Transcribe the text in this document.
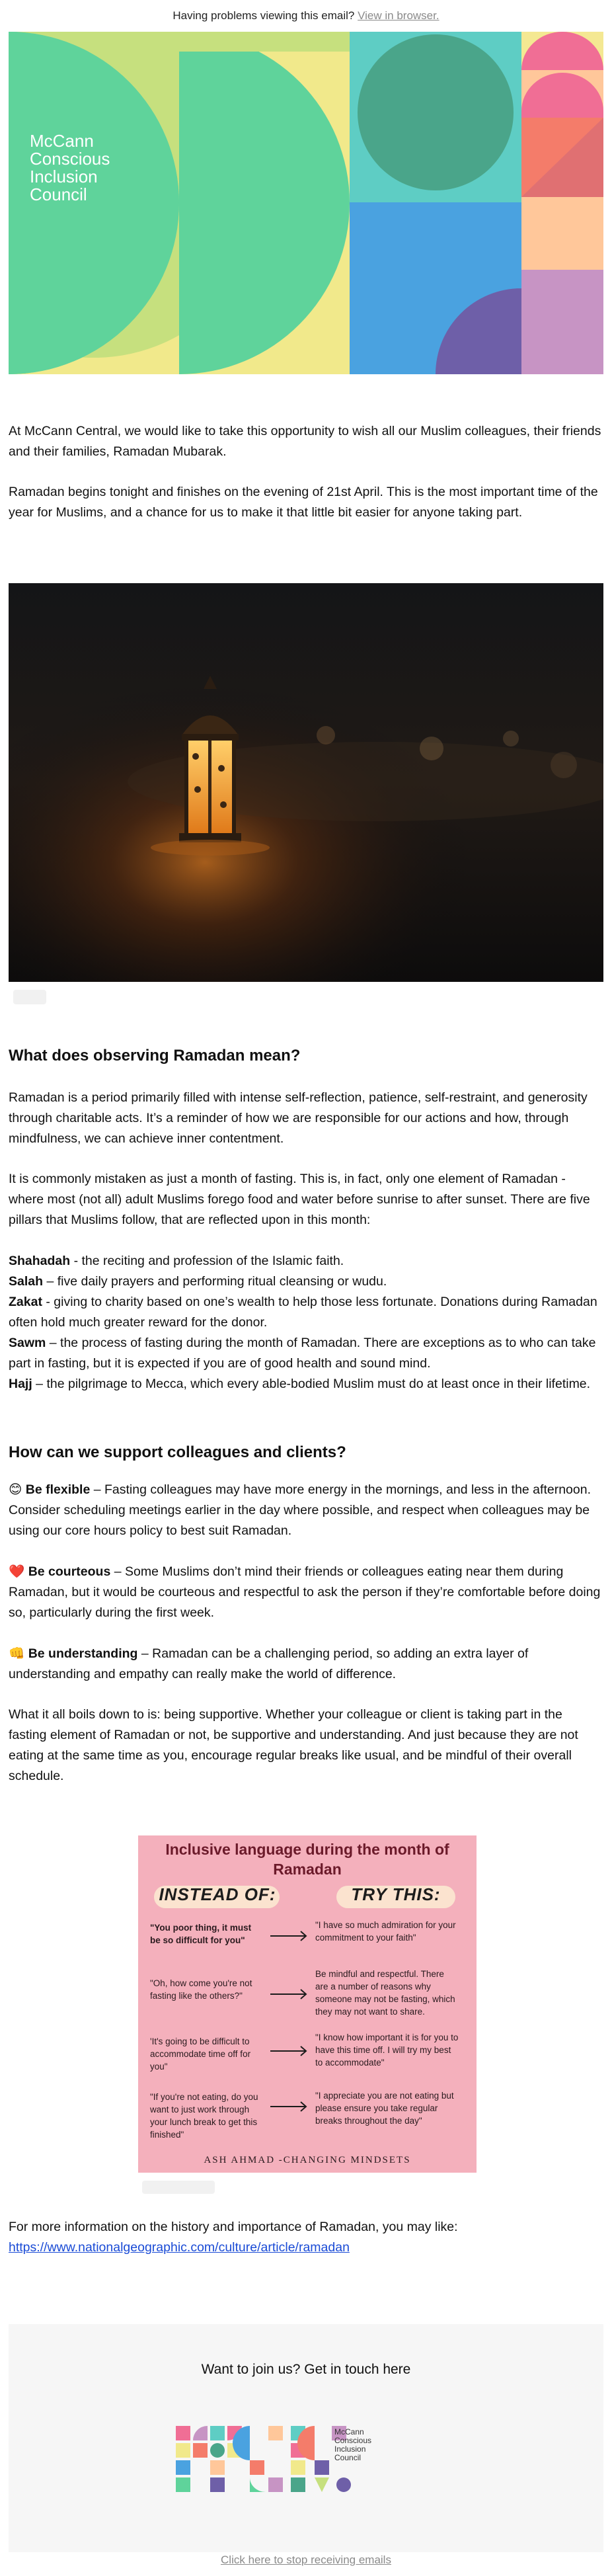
Having problems viewing this email? View in browser.
McCann
Conscious
Inclusion
Council

At McCann Central, we would like to take this opportunity to wish all our Muslim colleagues, their friends and their families, Ramadan Mubarak.

Ramadan begins tonight and finishes on the evening of 21st April. This is the most important time of the year for Muslims, and a chance for us to make it that little bit easier for anyone taking part.

What does observing Ramadan mean?

Ramadan is a period primarily filled with intense self-reflection, patience, self-restraint, and generosity through charitable acts. It’s a reminder of how we are responsible for our actions and how, through mindfulness, we can achieve inner contentment.

It is commonly mistaken as just a month of fasting. This is, in fact, only one element of Ramadan - where most (not all) adult Muslims forego food and water before sunrise to after sunset. There are five pillars that Muslims follow, that are reflected upon in this month:

Shahadah - the reciting and profession of the Islamic faith.
Salah – five daily prayers and performing ritual cleansing or wudu.
Zakat - giving to charity based on one’s wealth to help those less fortunate. Donations during Ramadan often hold much greater reward for the donor.
Sawm – the process of fasting during the month of Ramadan. There are exceptions as to who can take part in fasting, but it is expected if you are of good health and sound mind.
Hajj – the pilgrimage to Mecca, which every able-bodied Muslim must do at least once in their lifetime.
How can we support colleagues and clients?
😊 Be flexible – Fasting colleagues may have more energy in the mornings, and less in the afternoon. Consider scheduling meetings earlier in the day where possible, and respect when colleagues may be using our core hours policy to best suit Ramadan.
❤️ Be courteous – Some Muslims don’t mind their friends or colleagues eating near them during Ramadan, but it would be courteous and respectful to ask the person if they’re comfortable before doing so, particularly during the first week.
👊 Be understanding – Ramadan can be a challenging period, so adding an extra layer of understanding and empathy can really make the world of difference.

What it all boils down to is: being supportive. Whether your colleague or client is taking part in the fasting element of Ramadan or not, be supportive and understanding. And just because they are not eating at the same time as you, encourage regular breaks like usual, and be mindful of their overall schedule.

Inclusive language during the month of Ramadan
INSTEAD OF:	TRY THIS:
"You poor thing, it must be so difficult for you"
"I have so much admiration for your commitment to your faith"
"Oh, how come you're not fasting like the others?"
Be mindful and respectful. There are a number of reasons why someone may not be fasting, which they may not want to share.
'It's going to be difficult to accommodate time off for you"
"I know how important it is for you to have this time off. I will try my best to accommodate"
"If you're not eating, do you want to just work through your lunch break to get this finished"
"I appreciate you are not eating but please ensure you take regular breaks throughout the day"
ASH AHMAD -CHANGING MINDSETS

For more information on the history and importance of Ramadan, you may like: https://www.nationalgeographic.com/culture/article/ramadan

Want to join us? Get in touch here
McCann
Conscious
Inclusion
Council
Click here to stop receiving emails
